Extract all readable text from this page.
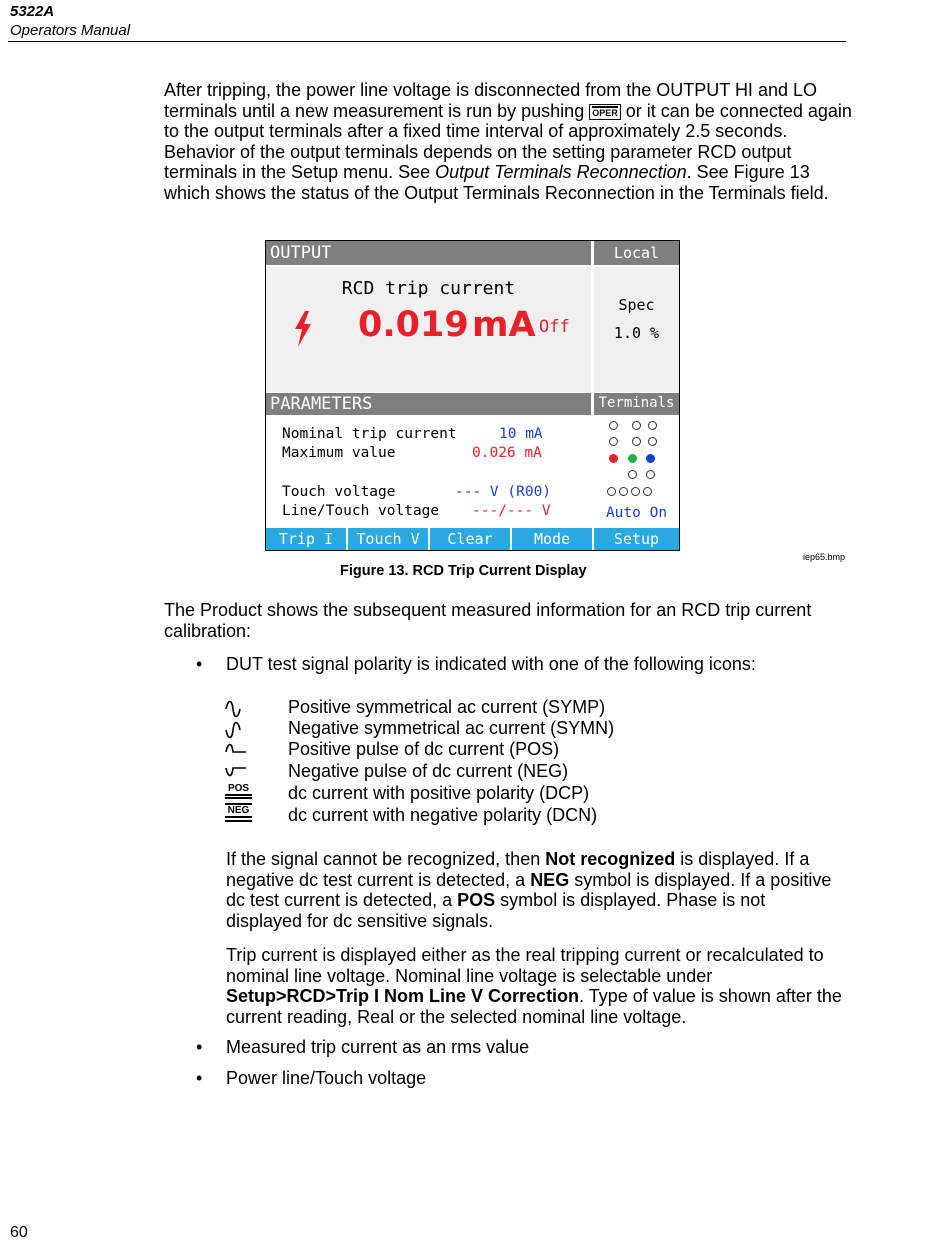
5322A
Operators Manual
After tripping, the power line voltage is disconnected from the OUTPUT HI and LO terminals until a new measurement is run by pushing OPER or it can be connected again to the output terminals after a fixed time interval of approximately 2.5 seconds. Behavior of the output terminals depends on the setting parameter RCD output terminals in the Setup menu. See Output Terminals Reconnection. See Figure 13 which shows the status of the Output Terminals Reconnection in the Terminals field.
OUTPUT	Local
RCD trip current
0.019 mA Off
Spec
1.0 %
PARAMETERS	Terminals
Nominal trip current	10 mA
Maximum value	0.026 mA
Touch voltage	--- V (R00)
Line/Touch voltage ---/--- V	Auto On
Trip I	Touch V	Clear	Mode	Setup
iep65.bmp
Figure 13. RCD Trip Current Display
The Product shows the subsequent measured information for an RCD trip current calibration:
• DUT test signal polarity is indicated with one of the following icons:
Positive symmetrical ac current (SYMP)
Negative symmetrical ac current (SYMN)
Positive pulse of dc current (POS)
Negative pulse of dc current (NEG)
POS dc current with positive polarity (DCP)
NEG dc current with negative polarity (DCN)
If the signal cannot be recognized, then Not recognized is displayed. If a negative dc test current is detected, a NEG symbol is displayed. If a positive dc test current is detected, a POS symbol is displayed. Phase is not displayed for dc sensitive signals.
Trip current is displayed either as the real tripping current or recalculated to nominal line voltage. Nominal line voltage is selectable under Setup>RCD>Trip I Nom Line V Correction. Type of value is shown after the current reading, Real or the selected nominal line voltage.
• Measured trip current as an rms value
• Power line/Touch voltage
60
